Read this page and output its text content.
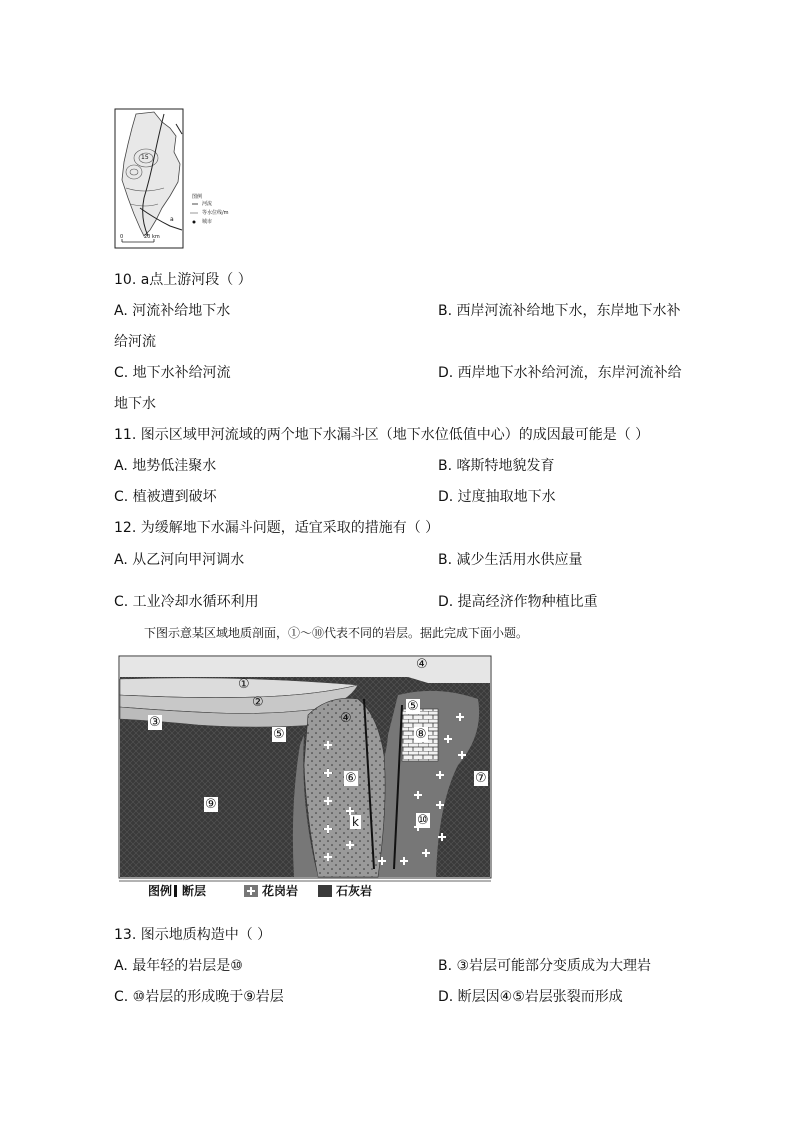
a
15
图例
河流
等水位线/m
城市
0	20 km
10. a点上游河段（ ）
A. 河流补给地下水	B. 西岸河流补给地下水，东岸地下水补
给河流
C. 地下水补给河流	D. 西岸地下水补给河流，东岸河流补给
地下水
11. 图示区域甲河流域的两个地下水漏斗区（地下水位低值中心）的成因最可能是（ ）
A. 地势低洼聚水	B. 喀斯特地貌发育
C. 植被遭到破坏	D. 过度抽取地下水
12. 为缓解地下水漏斗问题，适宜采取的措施有（ ）
A. 从乙河向甲河调水	B. 减少生活用水供应量
C. 工业冷却水循环利用	D. 提高经济作物种植比重
下图示意某区域地质剖面，①～⑩代表不同的岩层。据此完成下面小题。
①
②
③
④
④
⑤
⑤
⑥	⑦
⑧
⑨
⑩
k
图例 断层	花岗岩	石灰岩
13. 图示地质构造中（ ）
A. 最年轻的岩层是⑩	B. ③岩层可能部分变质成为大理岩
C. ⑩岩层的形成晚于⑨岩层	D. 断层因④⑤岩层张裂而形成
